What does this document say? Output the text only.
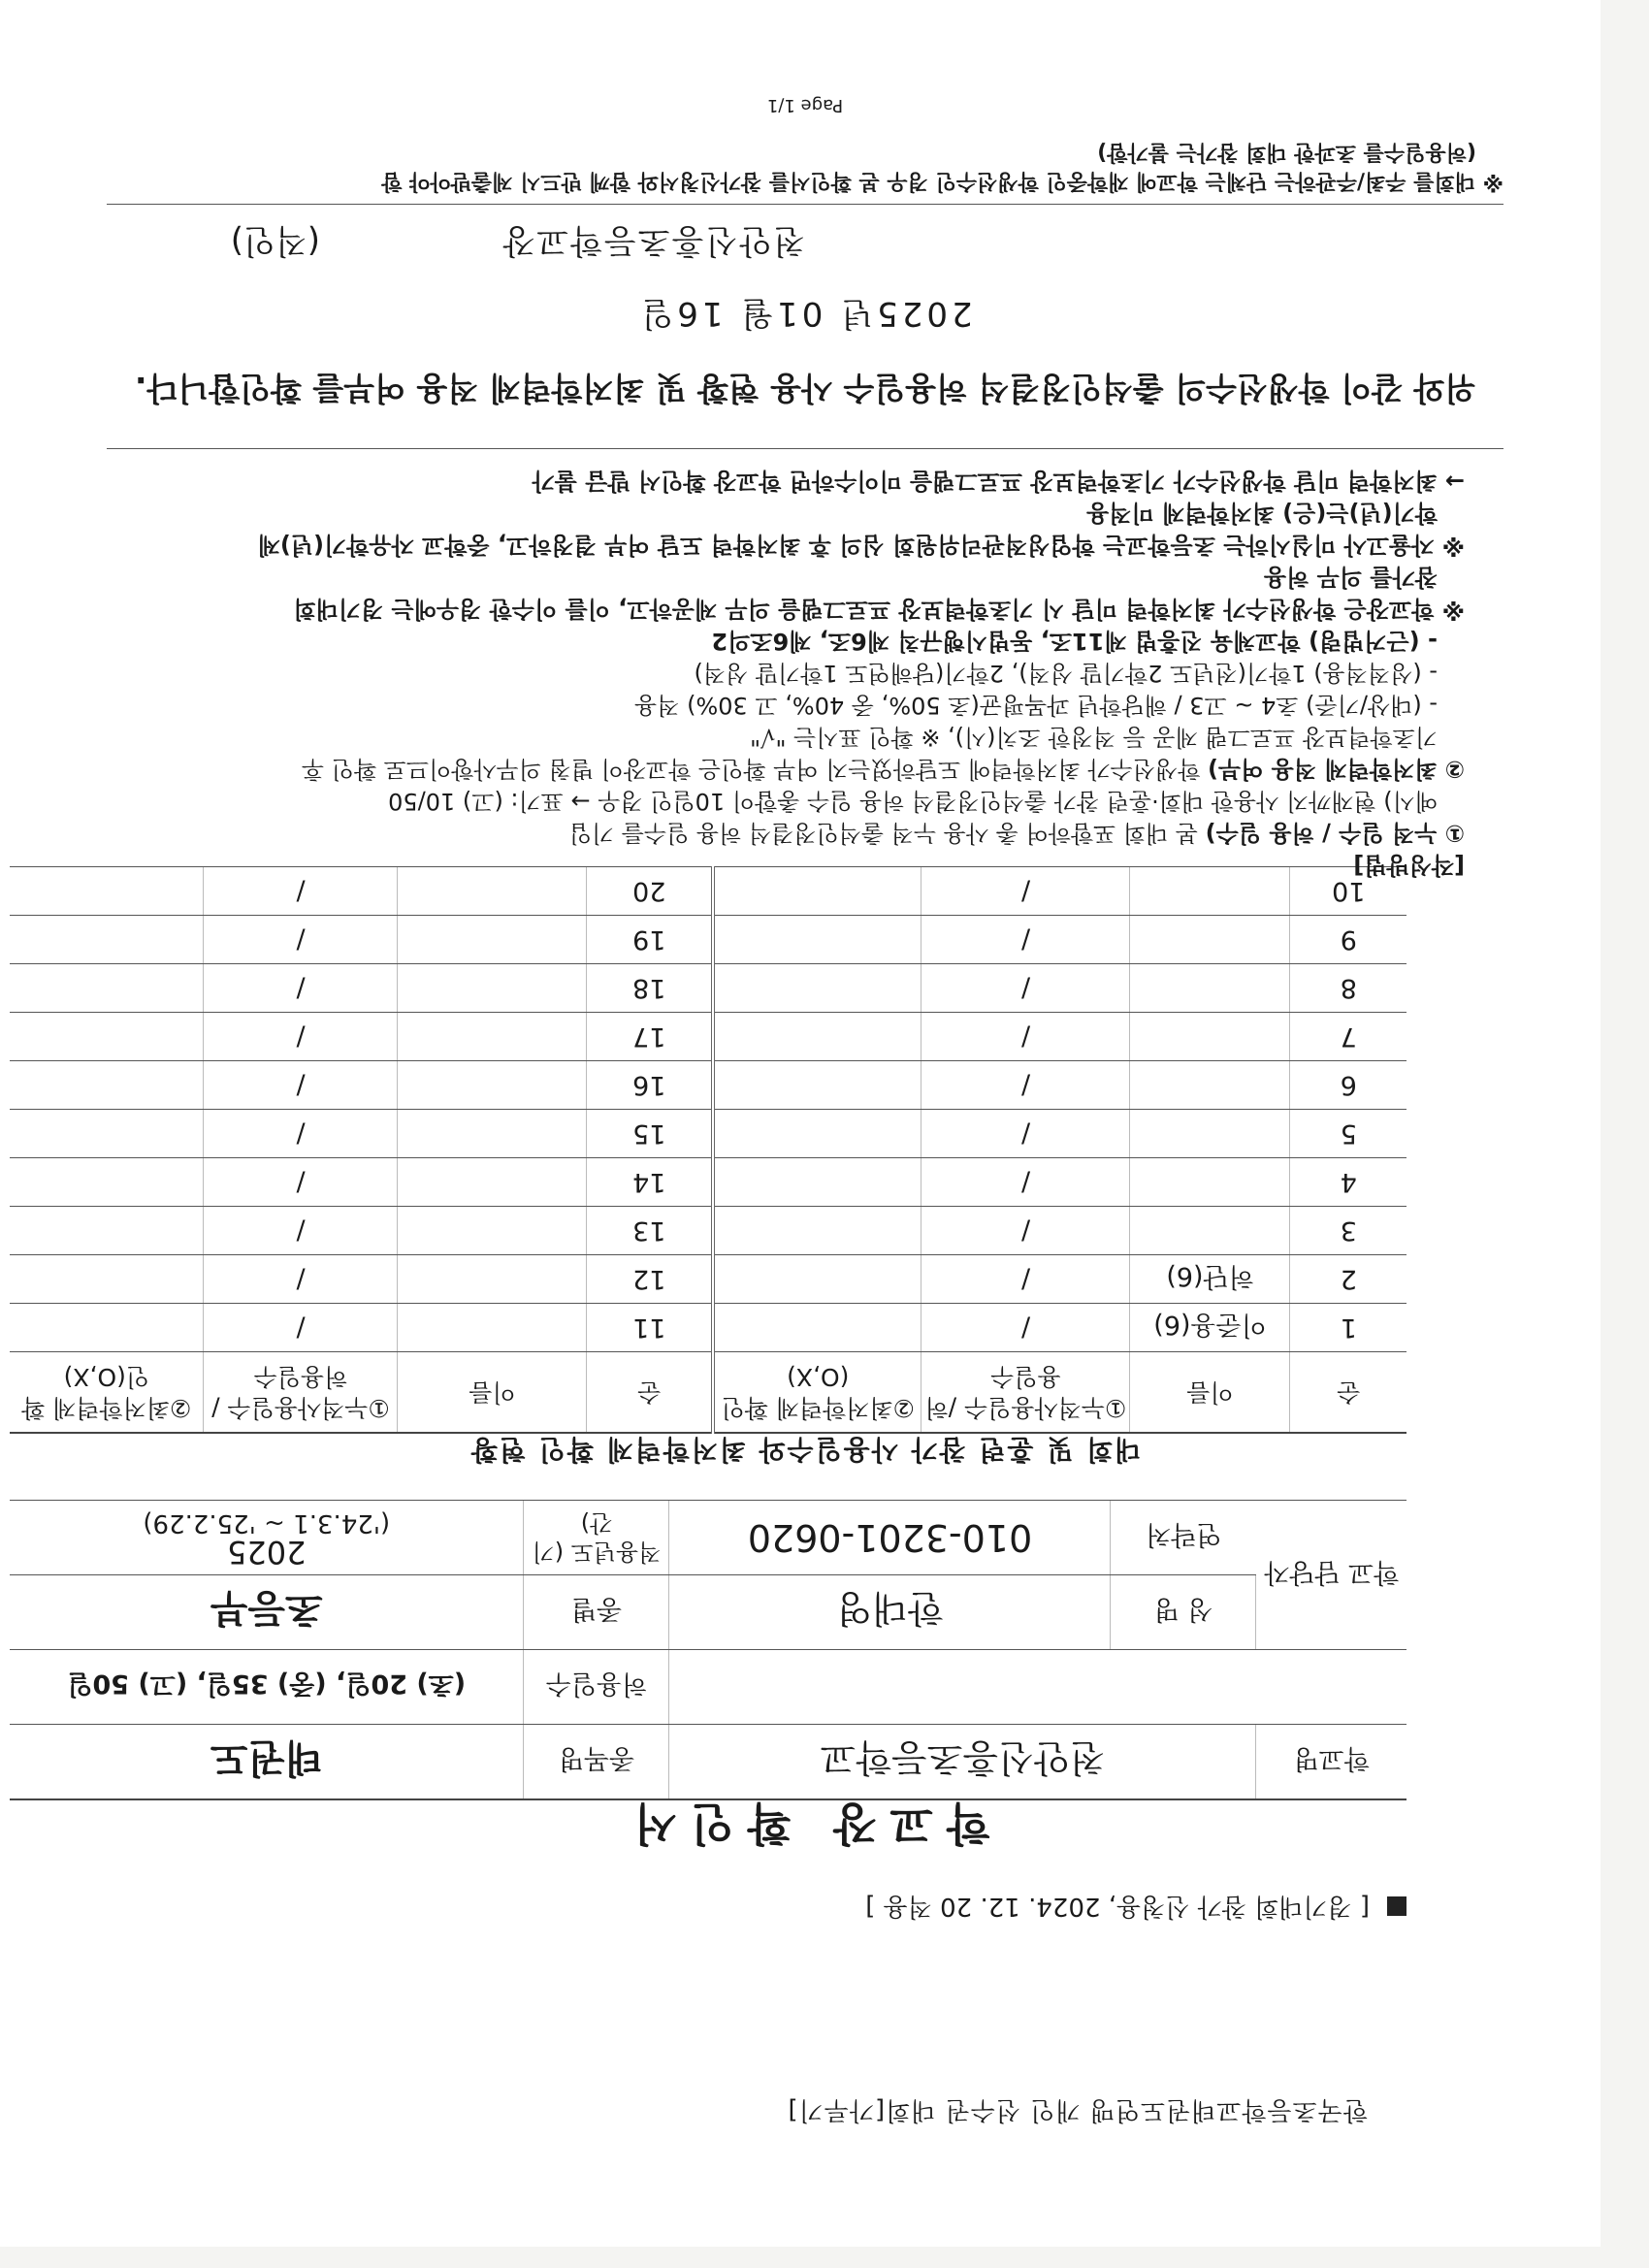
한국초등학교태권도연맹 개인 선수권 대회[가루기]
[ 경기대회 참가 신청용, 2024. 12. 20 적용 ]
학교장 확인서
학교명	천안신흥초등학교		종목명	태권도
			허용일수	(초) 20일, (중) 35일, (고) 50일
학교 담당자	성 명	한대영	종별	초등부
	연락처	010-3201-0620	적용년도 (기간)	2025
('24.3.1 ~ '25.2.29)
대회 및 훈련 참가 사용일수와 최저학력제 확인 현황
순	이름	①누적사용일수 /허용일수	②최저학력제 확인(O,X)	순	이름	①누적사용일수 /허용일수	②최저학력제 확인(O,X)
1	이준용(6)	/		11		/	
2	허단(6)	/		12		/	
3		/		13		/	
4		/		14		/	
5		/		15		/	
6		/		16		/	
7		/		17		/	
8		/		18		/	
9		/		19		/	
10		/		20		/	
[작성방법]
① 누적 일수 / 허용 일수) 본 대회 포함하여 총 사용 누적 출석인정결석 허용 일수를 기입
예시) 현재까지 사용한 대회·훈련 참가 출석인정결석 허용 일수 총합이 10일인 경우 → 표기: (고) 10/50
② 최저학력제 적용 여부) 학생선수가 최저학력에 도달하였는지 여부 확인은 학교장이 별첨 의무사항이므로 확인 후
기초학력보장 프로그램 제공 등 적정한 조치(시), ※ 확인 표시는 "√"
- (대상/기준) 초4 ~ 고3 / 해당학년 과목평균(초 50%, 중 40%, 고 30%) 적용
- (성적적용) 1학기(전년도 2학기말 성적), 2학기(당해연도 1학기말 성적)
- (근거법령) 학교체육 진흥법 제11조, 동법시행규칙 제6조, 제6조의2
※ 학교장은 학생선수가 최저학력 미달 시 기초학력보장 프로그램을 의무 제공하고, 이를 이수한 경우에는 경기대회
참가를 의무 허용
※ 자율고사 미실시하는 초등학교는 학업성적관리위원회 심의 후 최저학력 도달 여부 결정하고, 중학교 자유학기(년)제
학기(년)는(은) 최저학력제 미적용
→ 최저학력 미달 학생선수가 기초학력보장 프로그램을 미이수하면 학교장 확인서 발급 불가
위와 같이 학생선수의 출석인정결석 허용일수 사용 현황 및 최저학력제 적용 여부를 확인합니다.
2025년 01월 16일
천안신흥초등학교장
(직인)
※ 대회를 주최/주관하는 단체는 학교에 재학중인 학생선수인 경우 본 확인서를 참가신청서와 함께 반드시 제출받아야 함
(허용일수를 초과한 대회 참가는 불가함)
Page 1/1
